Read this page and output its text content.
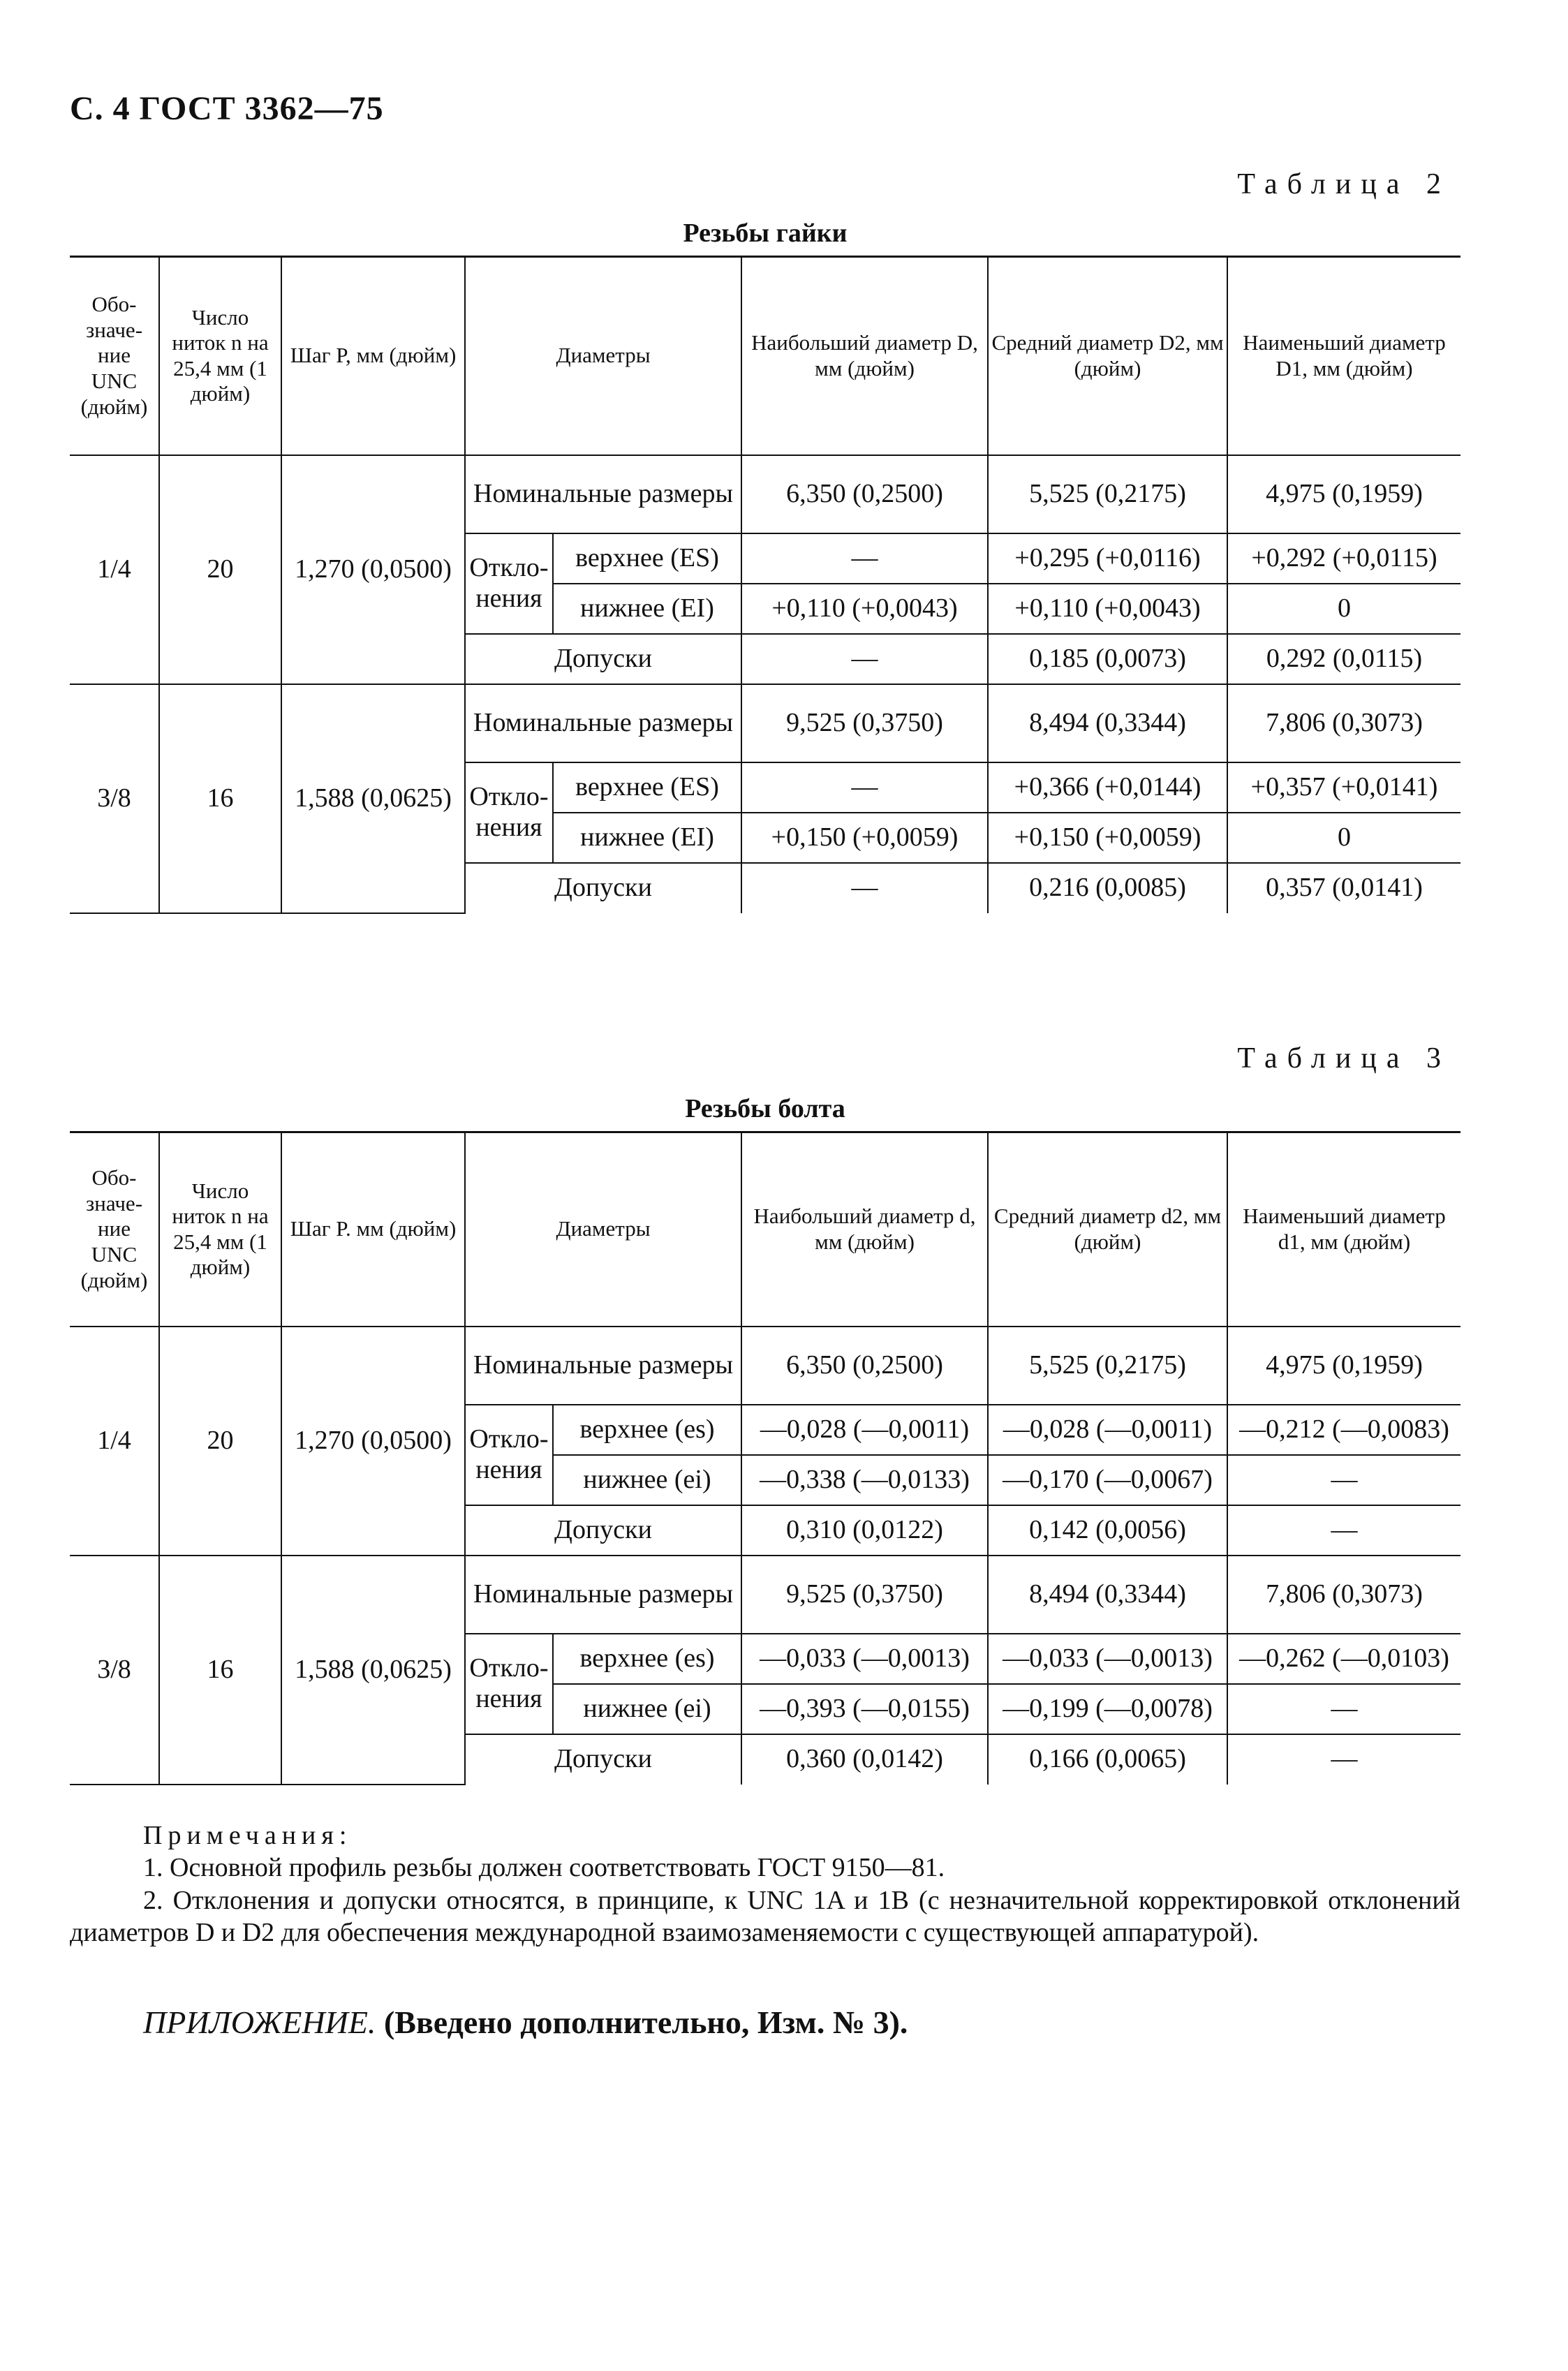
С. 4 ГОСТ 3362—75
Таблица 2
Резьбы гайки
Обо-значе-ние UNC (дюйм)	Число ниток n на 25,4 мм (1 дюйм)	Шаг P, мм (дюйм)	Диаметры		Наибольший диаметр D, мм (дюйм)	Средний диаметр D2, мм (дюйм)	Наименьший диаметр D1, мм (дюйм)
1/4	20	1,270 (0,0500)	Номинальные размеры		6,350 (0,2500)	5,525 (0,2175)	4,975 (0,1959)
			Откло-нения	верхнее (ES)	—	+0,295 (+0,0116)	+0,292 (+0,0115)
				нижнее (EI)	+0,110 (+0,0043)	+0,110 (+0,0043)	0
			Допуски		—	0,185 (0,0073)	0,292 (0,0115)
3/8	16	1,588 (0,0625)	Номинальные размеры		9,525 (0,3750)	8,494 (0,3344)	7,806 (0,3073)
			Откло-нения	верхнее (ES)	—	+0,366 (+0,0144)	+0,357 (+0,0141)
				нижнее (EI)	+0,150 (+0,0059)	+0,150 (+0,0059)	0
			Допуски		—	0,216 (0,0085)	0,357 (0,0141)
Таблица 3
Резьбы болта
Обо-значе-ние UNC (дюйм)	Число ниток n на 25,4 мм (1 дюйм)	Шаг P. мм (дюйм)	Диаметры		Наибольший диаметр d, мм (дюйм)	Средний диаметр d2, мм (дюйм)	Наименьший диаметр d1, мм (дюйм)
1/4	20	1,270 (0,0500)	Номинальные размеры		6,350 (0,2500)	5,525 (0,2175)	4,975 (0,1959)
			Откло-нения	верхнее (es)	—0,028 (—0,0011)	—0,028 (—0,0011)	—0,212 (—0,0083)
				нижнее (ei)	—0,338 (—0,0133)	—0,170 (—0,0067)	—
			Допуски		0,310 (0,0122)	0,142 (0,0056)	—
3/8	16	1,588 (0,0625)	Номинальные размеры		9,525 (0,3750)	8,494 (0,3344)	7,806 (0,3073)
			Откло-нения	верхнее (es)	—0,033 (—0,0013)	—0,033 (—0,0013)	—0,262 (—0,0103)
				нижнее (ei)	—0,393 (—0,0155)	—0,199 (—0,0078)	—
			Допуски		0,360 (0,0142)	0,166 (0,0065)	—
Примечания:

1. Основной профиль резьбы должен соответствовать ГОСТ 9150—81.

2. Отклонения и допуски относятся, в принципе, к UNC 1A и 1B (с незначительной корректировкой отклонений диаметров D и D2 для обеспечения международной взаимозаменяемости с существующей аппаратурой).

ПРИЛОЖЕНИЕ. (Введено дополнительно, Изм. № 3).
